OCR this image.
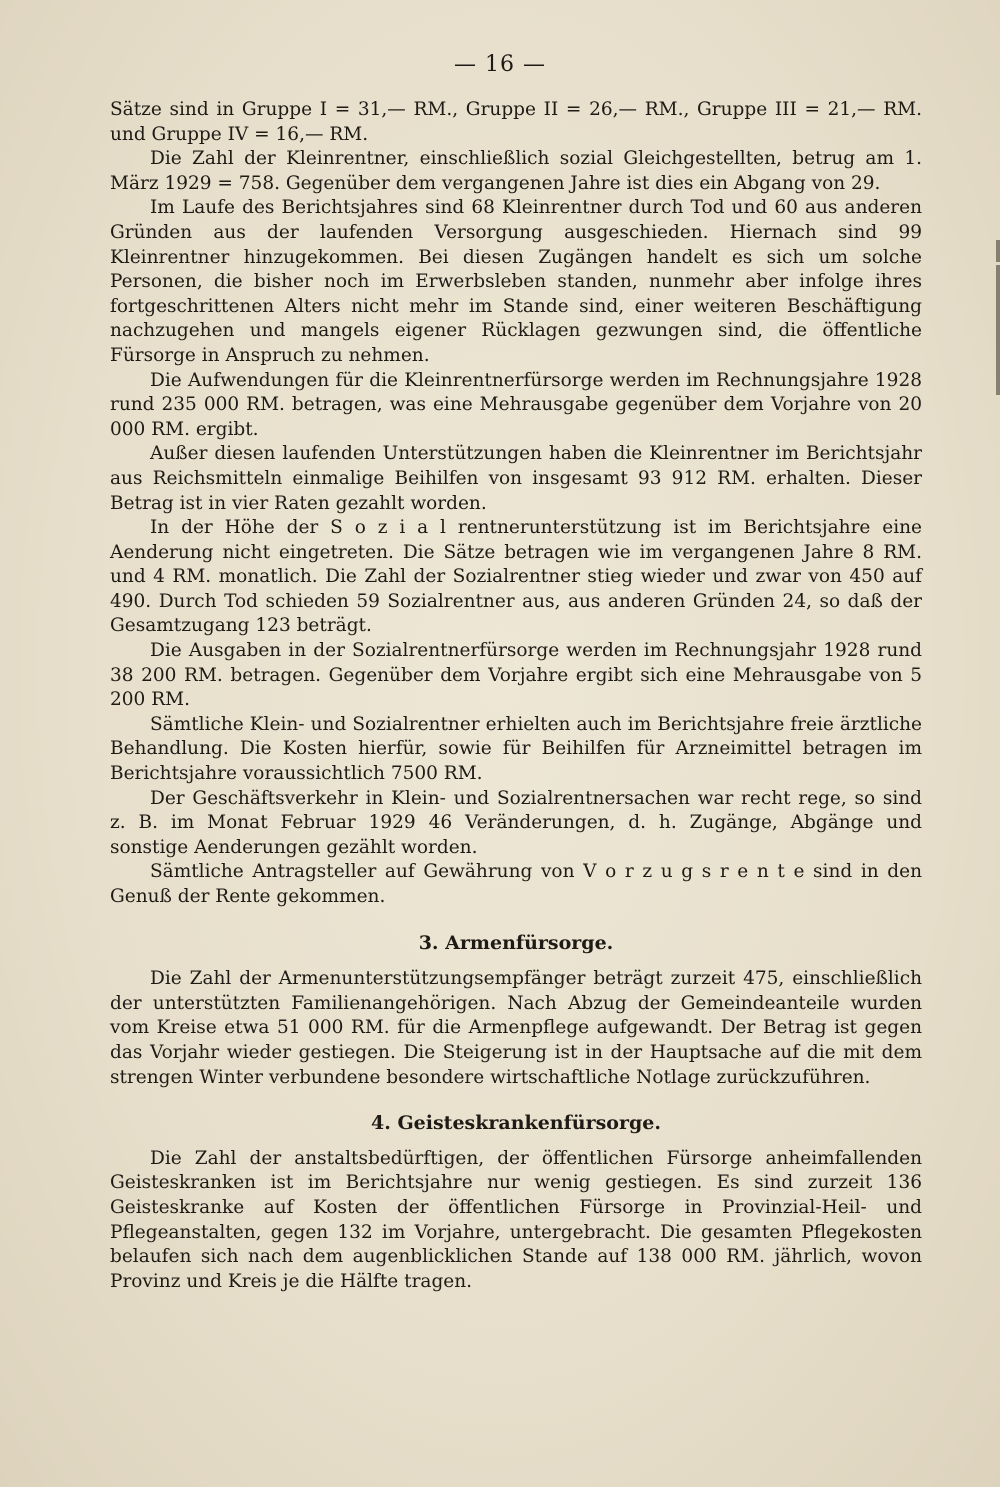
— 16 —

Sätze sind in Gruppe I = 31,— RM., Gruppe II = 26,— RM., Gruppe III = 21,— RM. und Gruppe IV = 16,— RM.

Die Zahl der Kleinrentner, einschließlich sozial Gleichgestellten, betrug am 1. März 1929 = 758. Gegenüber dem vergangenen Jahre ist dies ein Abgang von 29.

Im Laufe des Berichtsjahres sind 68 Kleinrentner durch Tod und 60 aus anderen Gründen aus der laufenden Versorgung ausgeschieden. Hiernach sind 99 Kleinrentner hinzugekommen. Bei diesen Zugängen handelt es sich um solche Personen, die bisher noch im Erwerbsleben standen, nunmehr aber infolge ihres fortgeschrittenen Alters nicht mehr im Stande sind, einer weiteren Beschäftigung nachzugehen und mangels eigener Rücklagen gezwungen sind, die öffentliche Fürsorge in Anspruch zu nehmen.

Die Aufwendungen für die Kleinrentnerfürsorge werden im Rechnungsjahre 1928 rund 235 000 RM. betragen, was eine Mehrausgabe gegenüber dem Vorjahre von 20 000 RM. ergibt.

Außer diesen laufenden Unterstützungen haben die Kleinrentner im Berichtsjahr aus Reichsmitteln einmalige Beihilfen von insgesamt 93 912 RM. erhalten. Dieser Betrag ist in vier Raten gezahlt worden.

In der Höhe der S o z i a l rentnerunterstützung ist im Berichtsjahre eine Aenderung nicht eingetreten. Die Sätze betragen wie im vergangenen Jahre 8 RM. und 4 RM. monatlich. Die Zahl der Sozialrentner stieg wieder und zwar von 450 auf 490. Durch Tod schieden 59 Sozialrentner aus, aus anderen Gründen 24, so daß der Gesamtzugang 123 beträgt.

Die Ausgaben in der Sozialrentnerfürsorge werden im Rechnungsjahr 1928 rund 38 200 RM. betragen. Gegenüber dem Vorjahre ergibt sich eine Mehrausgabe von 5 200 RM.

Sämtliche Klein- und Sozialrentner erhielten auch im Berichtsjahre freie ärztliche Behandlung. Die Kosten hierfür, sowie für Beihilfen für Arzneimittel betragen im Berichtsjahre voraussichtlich 7500 RM.

Der Geschäftsverkehr in Klein- und Sozialrentnersachen war recht rege, so sind z. B. im Monat Februar 1929 46 Veränderungen, d. h. Zugänge, Abgänge und sonstige Aenderungen gezählt worden.

Sämtliche Antragsteller auf Gewährung von V o r z u g s r e n t e sind in den Genuß der Rente gekommen.

3. Armenfürsorge.

Die Zahl der Armenunterstützungsempfänger beträgt zurzeit 475, einschließlich der unterstützten Familienangehörigen. Nach Abzug der Gemeindeanteile wurden vom Kreise etwa 51 000 RM. für die Armenpflege aufgewandt. Der Betrag ist gegen das Vorjahr wieder gestiegen. Die Steigerung ist in der Hauptsache auf die mit dem strengen Winter verbundene besondere wirtschaftliche Notlage zurückzuführen.

4. Geisteskrankenfürsorge.

Die Zahl der anstaltsbedürftigen, der öffentlichen Fürsorge anheimfallenden Geisteskranken ist im Berichtsjahre nur wenig gestiegen. Es sind zurzeit 136 Geisteskranke auf Kosten der öffentlichen Fürsorge in Provinzial-Heil- und Pflegeanstalten, gegen 132 im Vorjahre, untergebracht. Die gesamten Pflegekosten belaufen sich nach dem augenblicklichen Stande auf 138 000 RM. jährlich, wovon Provinz und Kreis je die Hälfte tragen.
